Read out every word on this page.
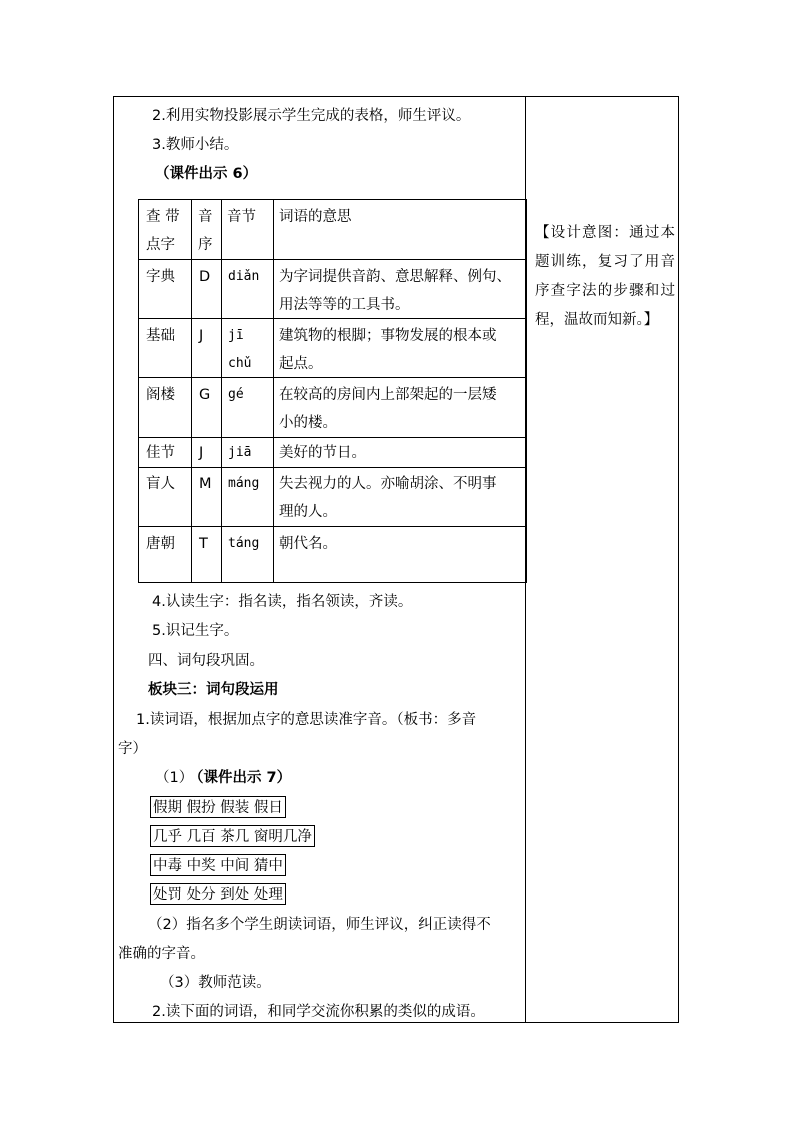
2.利用实物投影展示学生完成的表格，师生评议。
3.教师小结。
（课件出示 6）
查 带
点字
音
序
音节 词语的意思
字典 D diǎn 为字词提供音韵、意思解释、例句、
用法等等的工具书。
基础 J jī
chǔ
建筑物的根脚；事物发展的根本或
起点。
阁楼 G gé 在较高的房间内上部架起的一层矮
小的楼。
佳节 J jiā 美好的节日。
盲人 M máng 失去视力的人。亦喻胡涂、不明事
理的人。
唐朝 T táng 朝代名。
4.认读生字：指名读，指名领读，齐读。
5.识记生字。
四、词句段巩固。
板块三：词句段运用
1.读词语，根据加点字的意思读准字音。（板书：多音
字）
（1）
（课件出示 7）
假期 假扮 假装 假日
几乎 几百 茶几 窗明几净
中毒 中奖 中间 猜中
处罚 处分 到处 处理
（2）指名多个学生朗读词语，师生评议，纠正读得不
准确的字音。
（3）教师范读。
2.读下面的词语，和同学交流你积累的类似的成语。
【设计意图：通过本题训练，复习了用音序查字法的步骤和过程，温故而知新。】
